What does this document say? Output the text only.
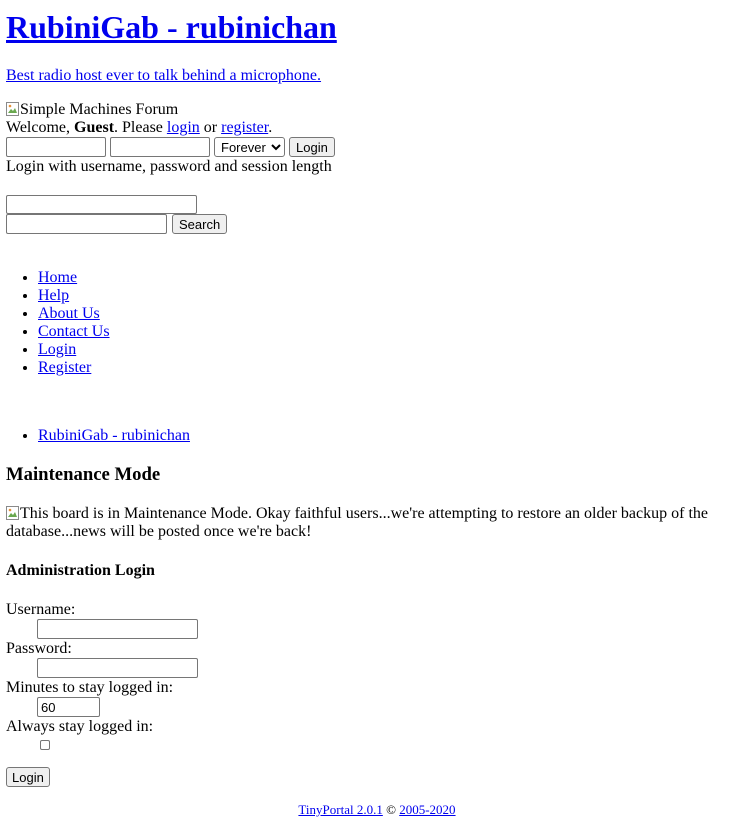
RubiniGab - rubinichan
Best radio host ever to talk behind a microphone.
Simple Machines Forum
Welcome, Guest. Please login or register.

Forever Login
Login with username, password and session length
Search
• Home
• Help
• About Us
• Contact Us
• Login
• Register
• RubiniGab - rubinichan
Maintenance Mode
This board is in Maintenance Mode. Okay faithful users...we're attempting to restore an older backup of the database...news will be posted once we're back!
Administration Login
Username:
Password:
Minutes to stay logged in:
60
Always stay logged in:
Login
TinyPortal 2.0.1 © 2005-2020
